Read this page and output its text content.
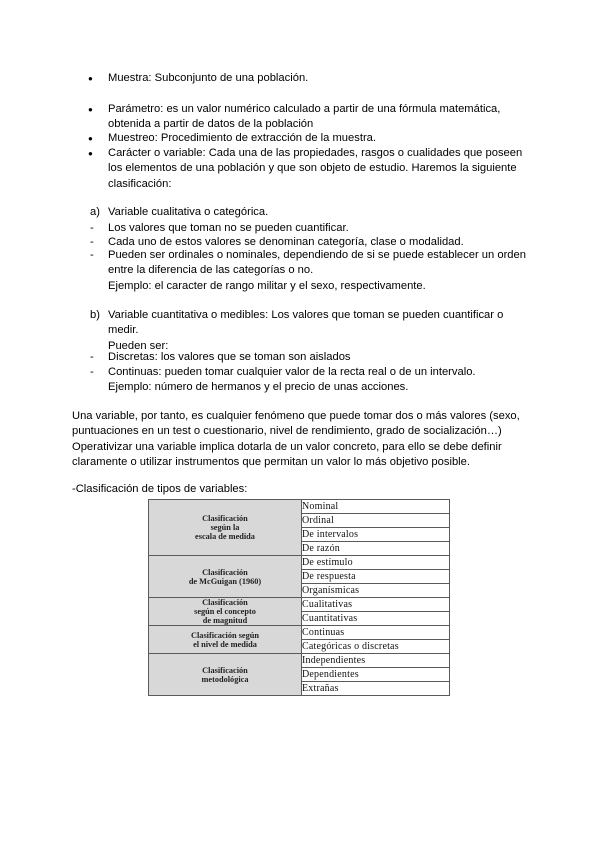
● Muestra: Subconjunto de una población.
● Parámetro: es un valor numérico calculado a partir de una fórmula matemática,
obtenida a partir de datos de la población
● Muestreo: Procedimiento de extracción de la muestra.
● Carácter o variable: Cada una de las propiedades, rasgos o cualidades que poseen
los elementos de una población y que son objeto de estudio. Haremos la siguiente
clasificación:
a) Variable cualitativa o categórica.
- Los valores que toman no se pueden cuantificar.
- Cada uno de estos valores se denominan categoría, clase o modalidad.
- Pueden ser ordinales o nominales, dependiendo de si se puede establecer un orden
entre la diferencia de las categorías o no.
Ejemplo: el caracter de rango militar y el sexo, respectivamente.
b) Variable cuantitativa o medibles: Los valores que toman se pueden cuantificar o
medir.
Pueden ser:
- Discretas: los valores que se toman son aislados
- Continuas: pueden tomar cualquier valor de la recta real o de un intervalo.
Ejemplo: número de hermanos y el precio de unas acciones.
Una variable, por tanto, es cualquier fenómeno que puede tomar dos o más valores (sexo,
puntuaciones en un test o cuestionario, nivel de rendimiento, grado de socialización…)
Operativizar una variable implica dotarla de un valor concreto, para ello se debe definir
claramente o utilizar instrumentos que permitan un valor lo más objetivo posible.
-Clasificación de tipos de variables:
Clasificación
según la
escala de medida	Nominal
	Ordinal
	De intervalos
	De razón

Clasificación
de McGuigan (1960)	De estímulo
	De respuesta
	Organísmicas

Clasificación
según el concepto
de magnitud	Cualitativas
	Cuantitativas

Clasificación según
el nivel de medida	Continuas
	Categóricas o discretas

Clasificación
metodológica	Independientes
	Dependientes
	Extrañas
